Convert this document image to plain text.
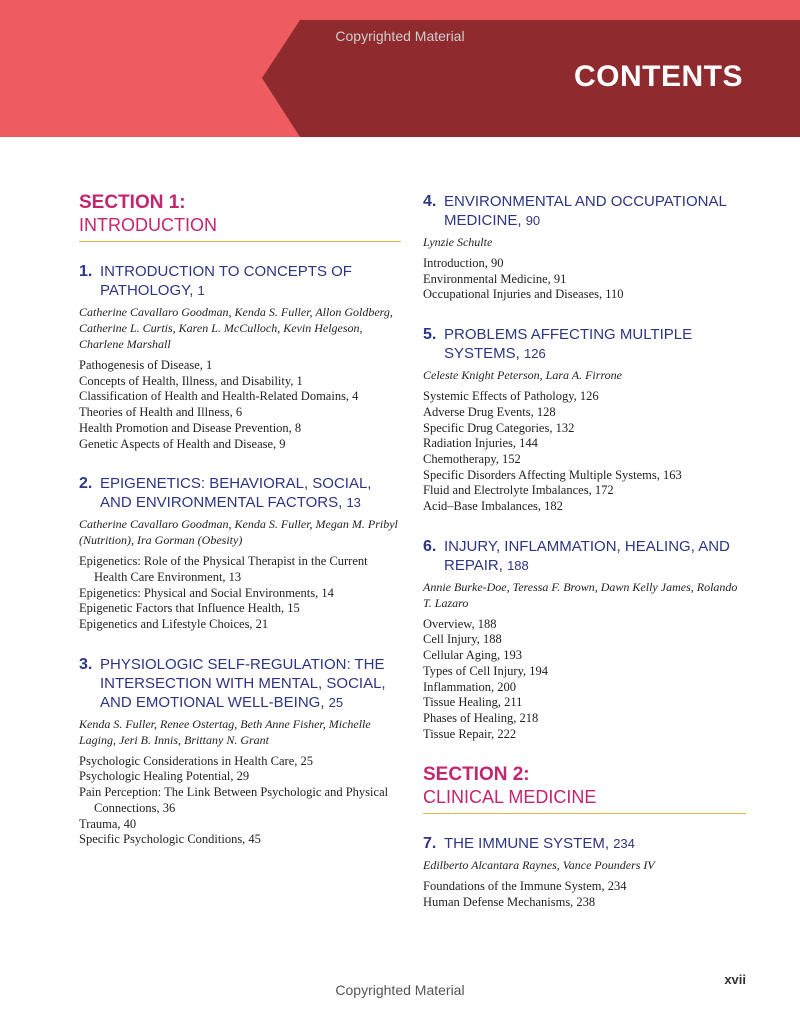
Copyrighted Material
CONTENTS
SECTION 1:
INTRODUCTION
1. INTRODUCTION TO CONCEPTS OF PATHOLOGY, 1
Catherine Cavallaro Goodman, Kenda S. Fuller, Allon Goldberg, Catherine L. Curtis, Karen L. McCulloch, Kevin Helgeson, Charlene Marshall
Pathogenesis of Disease, 1
Concepts of Health, Illness, and Disability, 1
Classification of Health and Health-Related Domains, 4
Theories of Health and Illness, 6
Health Promotion and Disease Prevention, 8
Genetic Aspects of Health and Disease, 9
2. EPIGENETICS: BEHAVIORAL, SOCIAL, AND ENVIRONMENTAL FACTORS, 13
Catherine Cavallaro Goodman, Kenda S. Fuller, Megan M. Pribyl (Nutrition), Ira Gorman (Obesity)
Epigenetics: Role of the Physical Therapist in the Current Health Care Environment, 13
Epigenetics: Physical and Social Environments, 14
Epigenetic Factors that Influence Health, 15
Epigenetics and Lifestyle Choices, 21
3. PHYSIOLOGIC SELF-REGULATION: THE INTERSECTION WITH MENTAL, SOCIAL, AND EMOTIONAL WELL-BEING, 25
Kenda S. Fuller, Renee Ostertag, Beth Anne Fisher, Michelle Laging, Jeri B. Innis, Brittany N. Grant
Psychologic Considerations in Health Care, 25
Psychologic Healing Potential, 29
Pain Perception: The Link Between Psychologic and Physical Connections, 36
Trauma, 40
Specific Psychologic Conditions, 45
4. ENVIRONMENTAL AND OCCUPATIONAL MEDICINE, 90
Lynzie Schulte
Introduction, 90
Environmental Medicine, 91
Occupational Injuries and Diseases, 110
5. PROBLEMS AFFECTING MULTIPLE SYSTEMS, 126
Celeste Knight Peterson, Lara A. Firrone
Systemic Effects of Pathology, 126
Adverse Drug Events, 128
Specific Drug Categories, 132
Radiation Injuries, 144
Chemotherapy, 152
Specific Disorders Affecting Multiple Systems, 163
Fluid and Electrolyte Imbalances, 172
Acid–Base Imbalances, 182
6. INJURY, INFLAMMATION, HEALING, AND REPAIR, 188
Annie Burke-Doe, Teressa F. Brown, Dawn Kelly James, Rolando T. Lazaro
Overview, 188
Cell Injury, 188
Cellular Aging, 193
Types of Cell Injury, 194
Inflammation, 200
Tissue Healing, 211
Phases of Healing, 218
Tissue Repair, 222
SECTION 2:
CLINICAL MEDICINE
7. THE IMMUNE SYSTEM, 234
Edilberto Alcantara Raynes, Vance Pounders IV
Foundations of the Immune System, 234
Human Defense Mechanisms, 238
xvii
Copyrighted Material
